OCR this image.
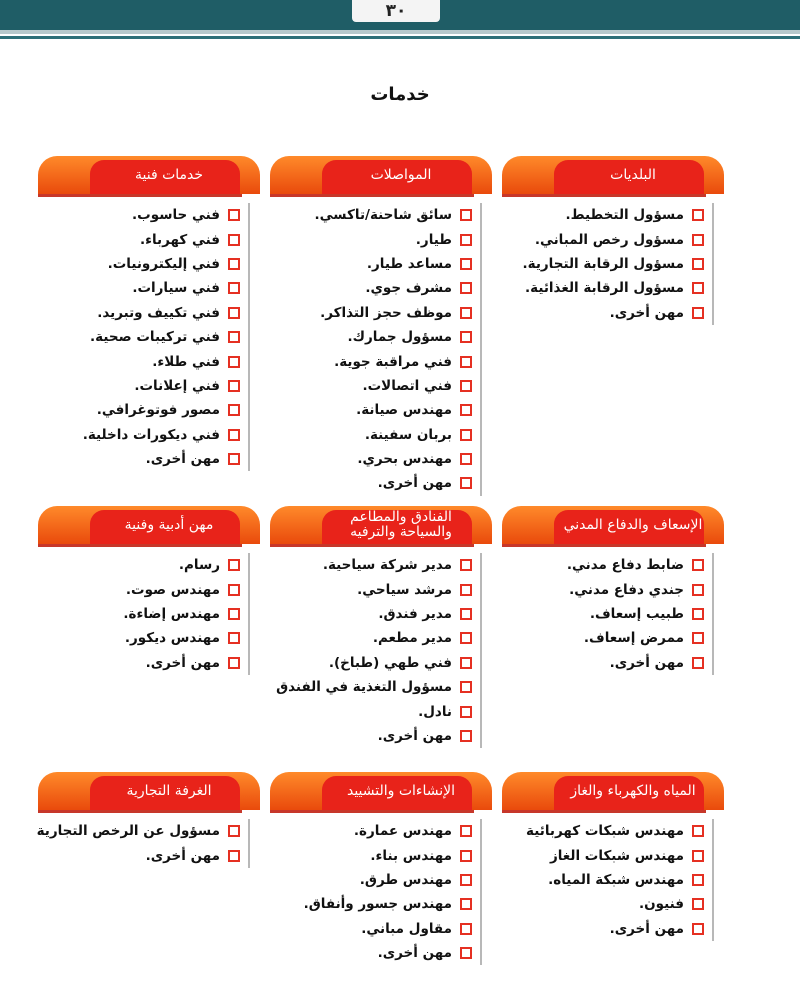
٣٠
خدمات
البلديات
مسؤول التخطيط.
مسؤول رخص المباني.
مسؤول الرقابة التجارية.
مسؤول الرقابة الغذائية.
مهن أخرى.
المواصلات
سائق شاحنة/تاكسي.
طيار.
مساعد طيار.
مشرف جوي.
موظف حجز التذاكر.
مسؤول جمارك.
فني مراقبة جوية.
فني اتصالات.
مهندس صيانة.
بربان سفينة.
مهندس بحري.
مهن أخرى.
خدمات فنية
فني حاسوب.
فني كهرباء.
فني إليكترونيات.
فني سيارات.
فني تكييف وتبريد.
فني تركيبات صحية.
فني طلاء.
فني إعلانات.
مصور فوتوغرافي.
فني ديكورات داخلية.
مهن أخرى.
الإسعاف والدفاع المدني
ضابط دفاع مدني.
جندي دفاع مدني.
طبيب إسعاف.
ممرض إسعاف.
مهن أخرى.
الفنادق والمطاعم والسياحة والترفيه
مدير شركة سياحية.
مرشد سياحي.
مدير فندق.
مدير مطعم.
فني طهي (طباخ).
مسؤول التغذية في الفندق
نادل.
مهن أخرى.
مهن أدبية وفنية
رسام.
مهندس صوت.
مهندس إضاءة.
مهندس ديكور.
مهن أخرى.
المياه والكهرباء والغاز
مهندس شبكات كهربائية
مهندس شبكات الغاز
مهندس شبكة المياه.
فنيون.
مهن أخرى.
الإنشاءات والتشييد
مهندس عمارة.
مهندس بناء.
مهندس طرق.
مهندس جسور وأنفاق.
مقاول مباني.
مهن أخرى.
الغرفة التجارية
مسؤول عن الرخص التجارية
مهن أخرى.
